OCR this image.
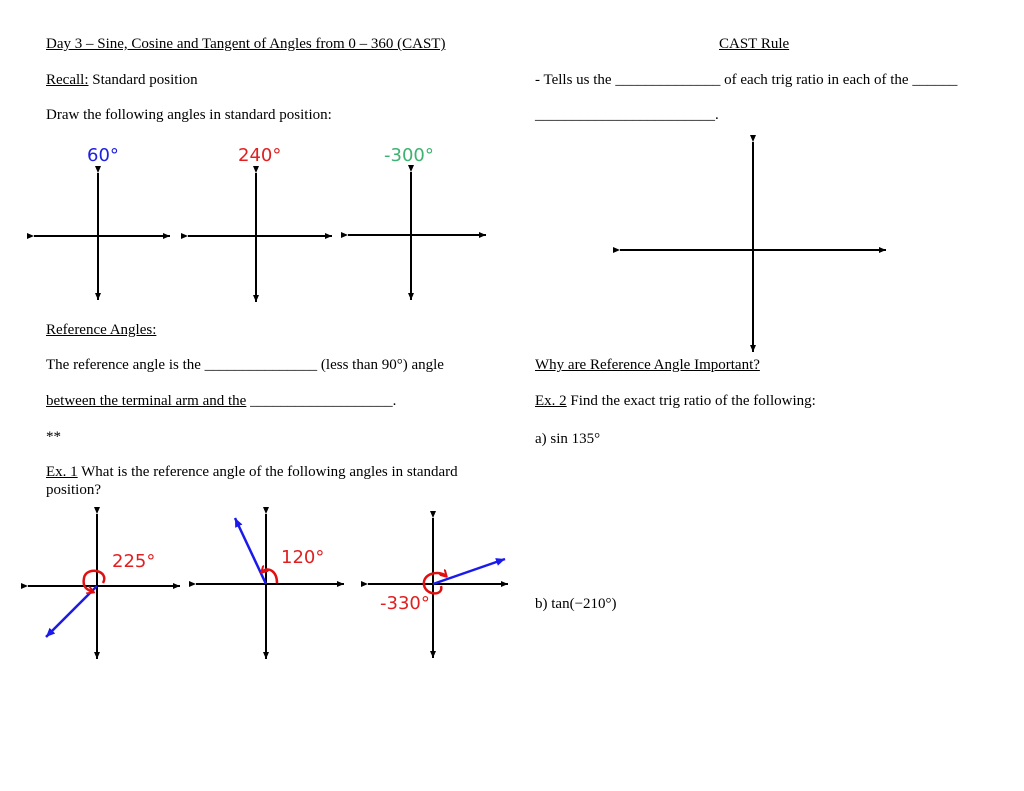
Day 3 – Sine, Cosine and Tangent of Angles from 0 – 360 (CAST)	CAST Rule
Recall: Standard position
Draw the following angles in standard position:
- Tells us the ______________ of each trig ratio in each of the ______
________________________.
60°	240°	-300°
Reference Angles:
The reference angle is the _______________ (less than 90°) angle
between the terminal arm and the ___________________.
**
Ex. 1 What is the reference angle of the following angles in standard
position?
225°	120°
-330°
Why are Reference Angle Important?
Ex. 2 Find the exact trig ratio of the following:
a) sin 135°
b) tan(−210°)
